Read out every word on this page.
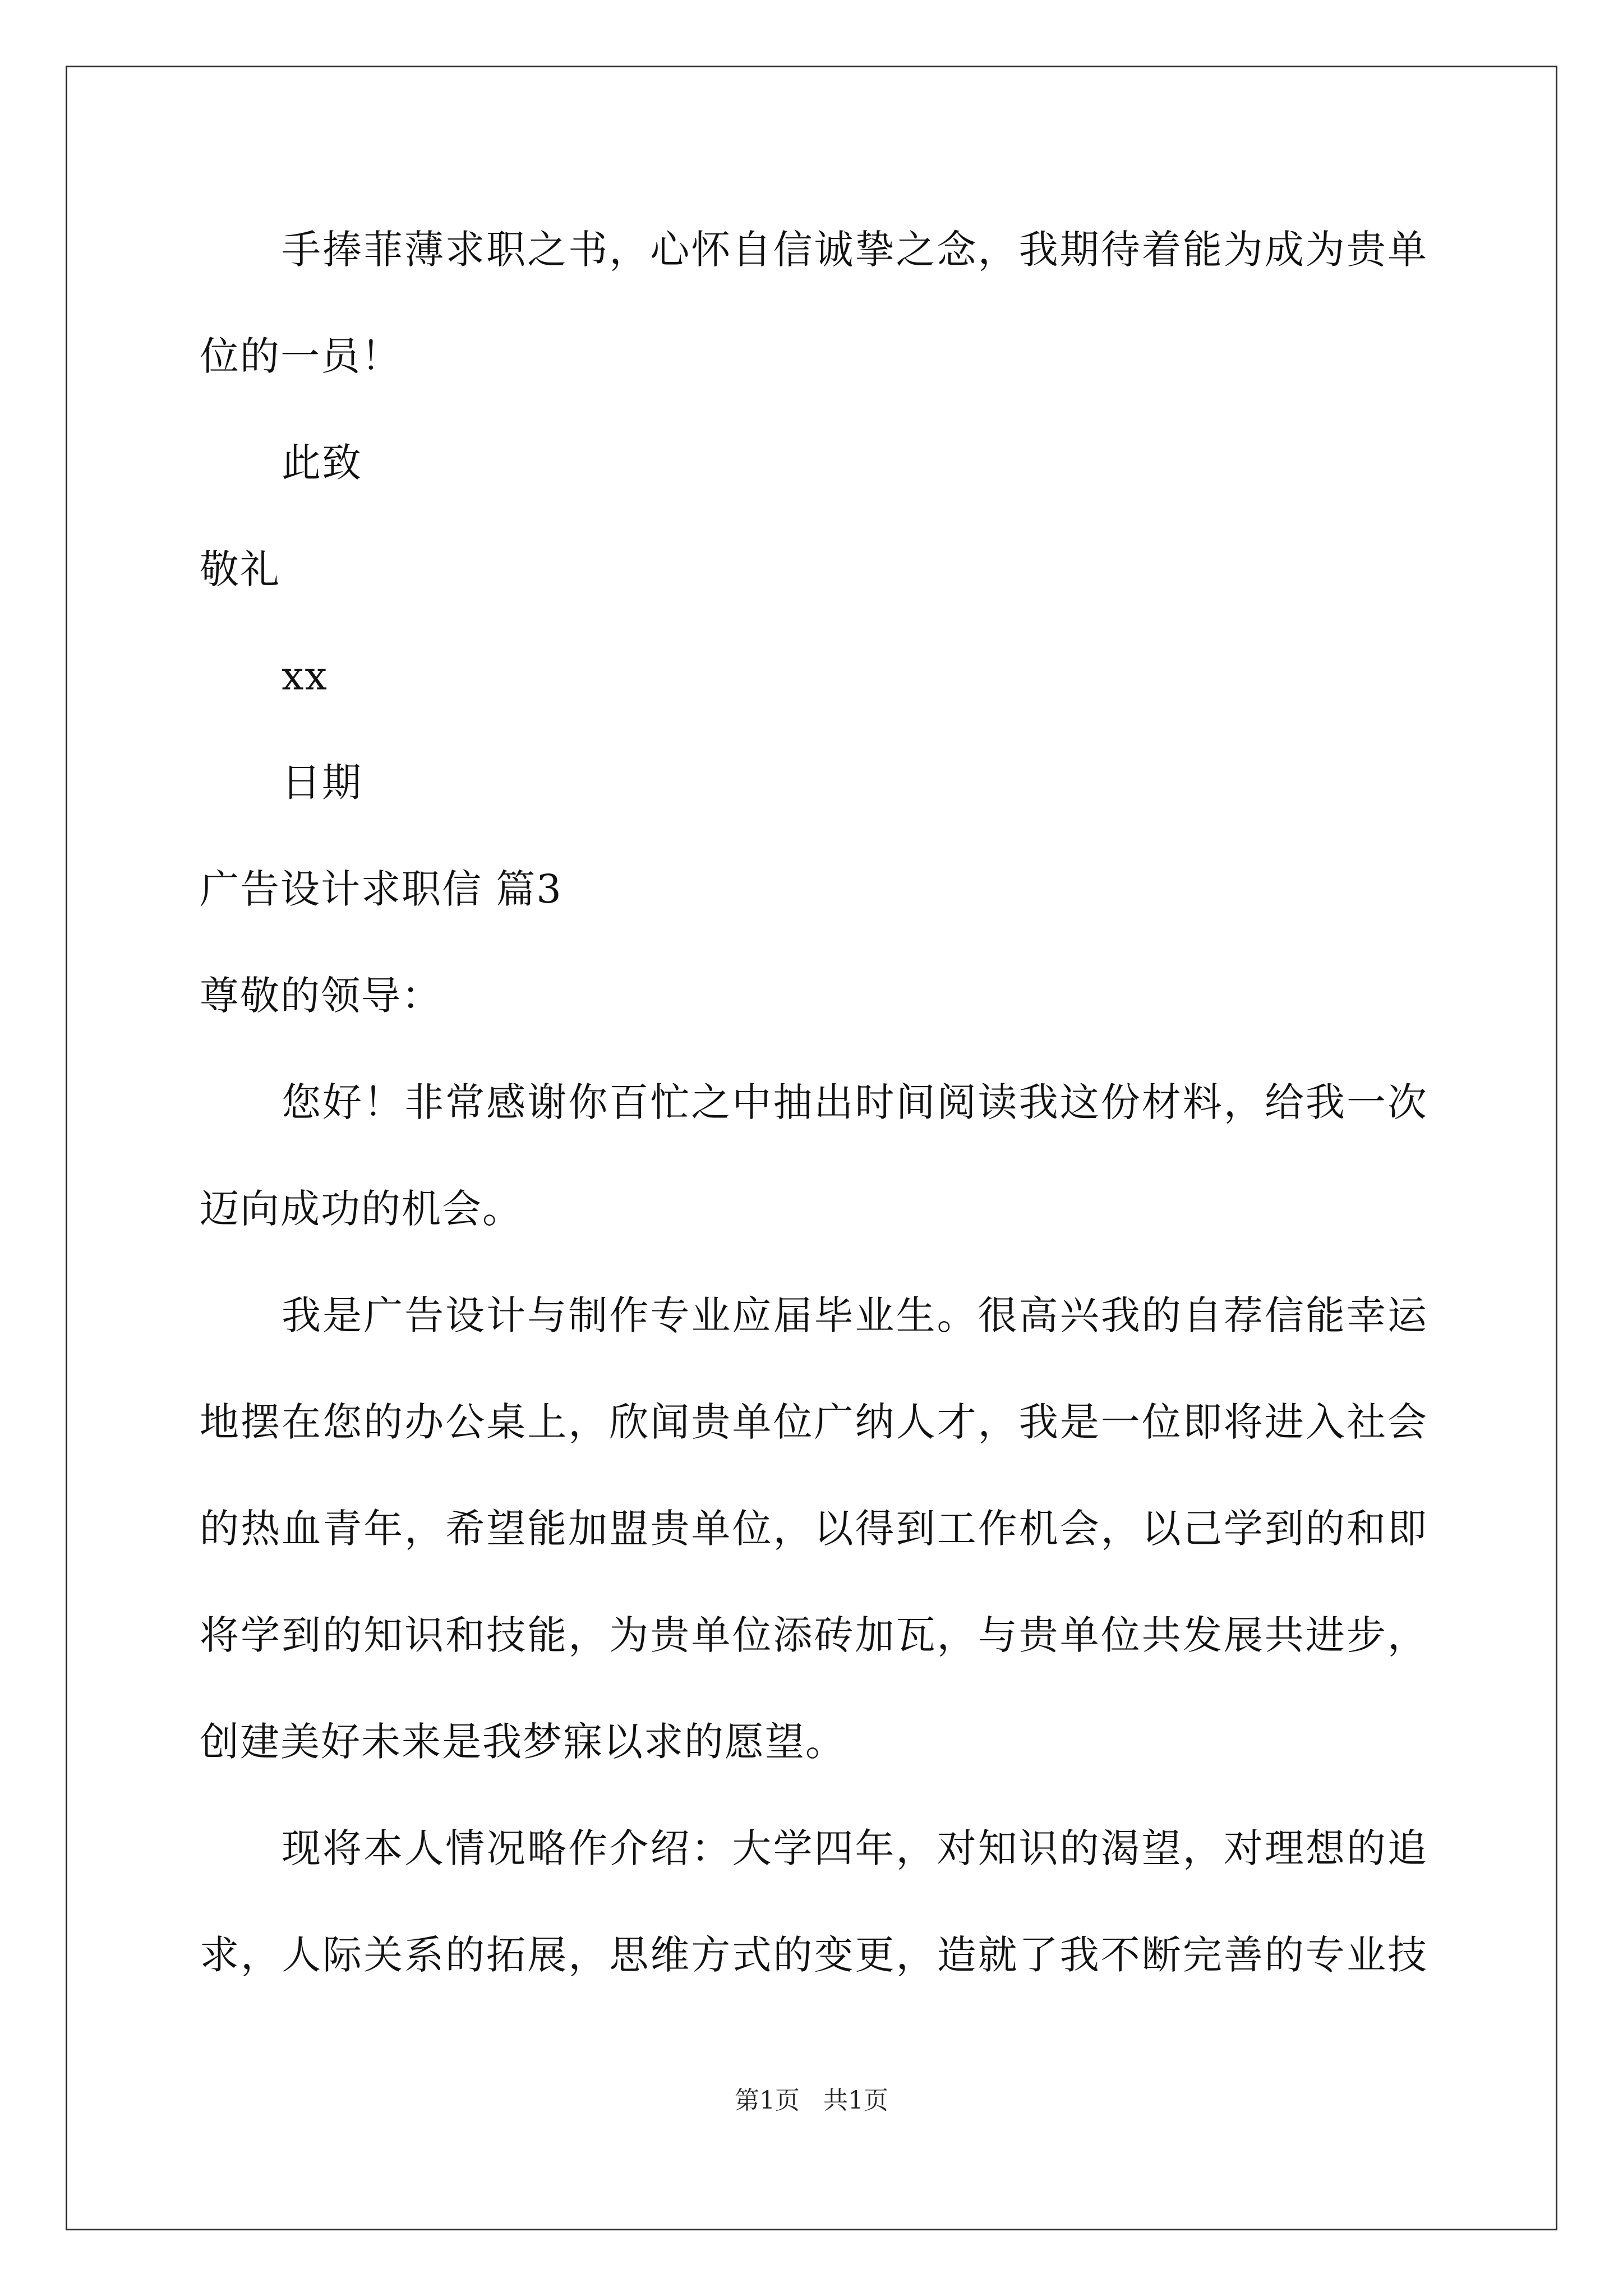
手捧菲薄求职之书，心怀自信诚挚之念，我期待着能为成为贵单
位的一员！
此致
敬礼
xx
日期
广告设计求职信 篇3
尊敬的领导：
您好！非常感谢你百忙之中抽出时间阅读我这份材料，给我一次
迈向成功的机会。
我是广告设计与制作专业应届毕业生。很高兴我的自荐信能幸运
地摆在您的办公桌上，欣闻贵单位广纳人才，我是一位即将进入社会
的热血青年，希望能加盟贵单位，以得到工作机会，以己学到的和即
将学到的知识和技能，为贵单位添砖加瓦，与贵单位共发展共进步，
创建美好未来是我梦寐以求的愿望。
现将本人情况略作介绍：大学四年，对知识的渴望，对理想的追
求，人际关系的拓展，思维方式的变更，造就了我不断完善的专业技
第1页   共1页
